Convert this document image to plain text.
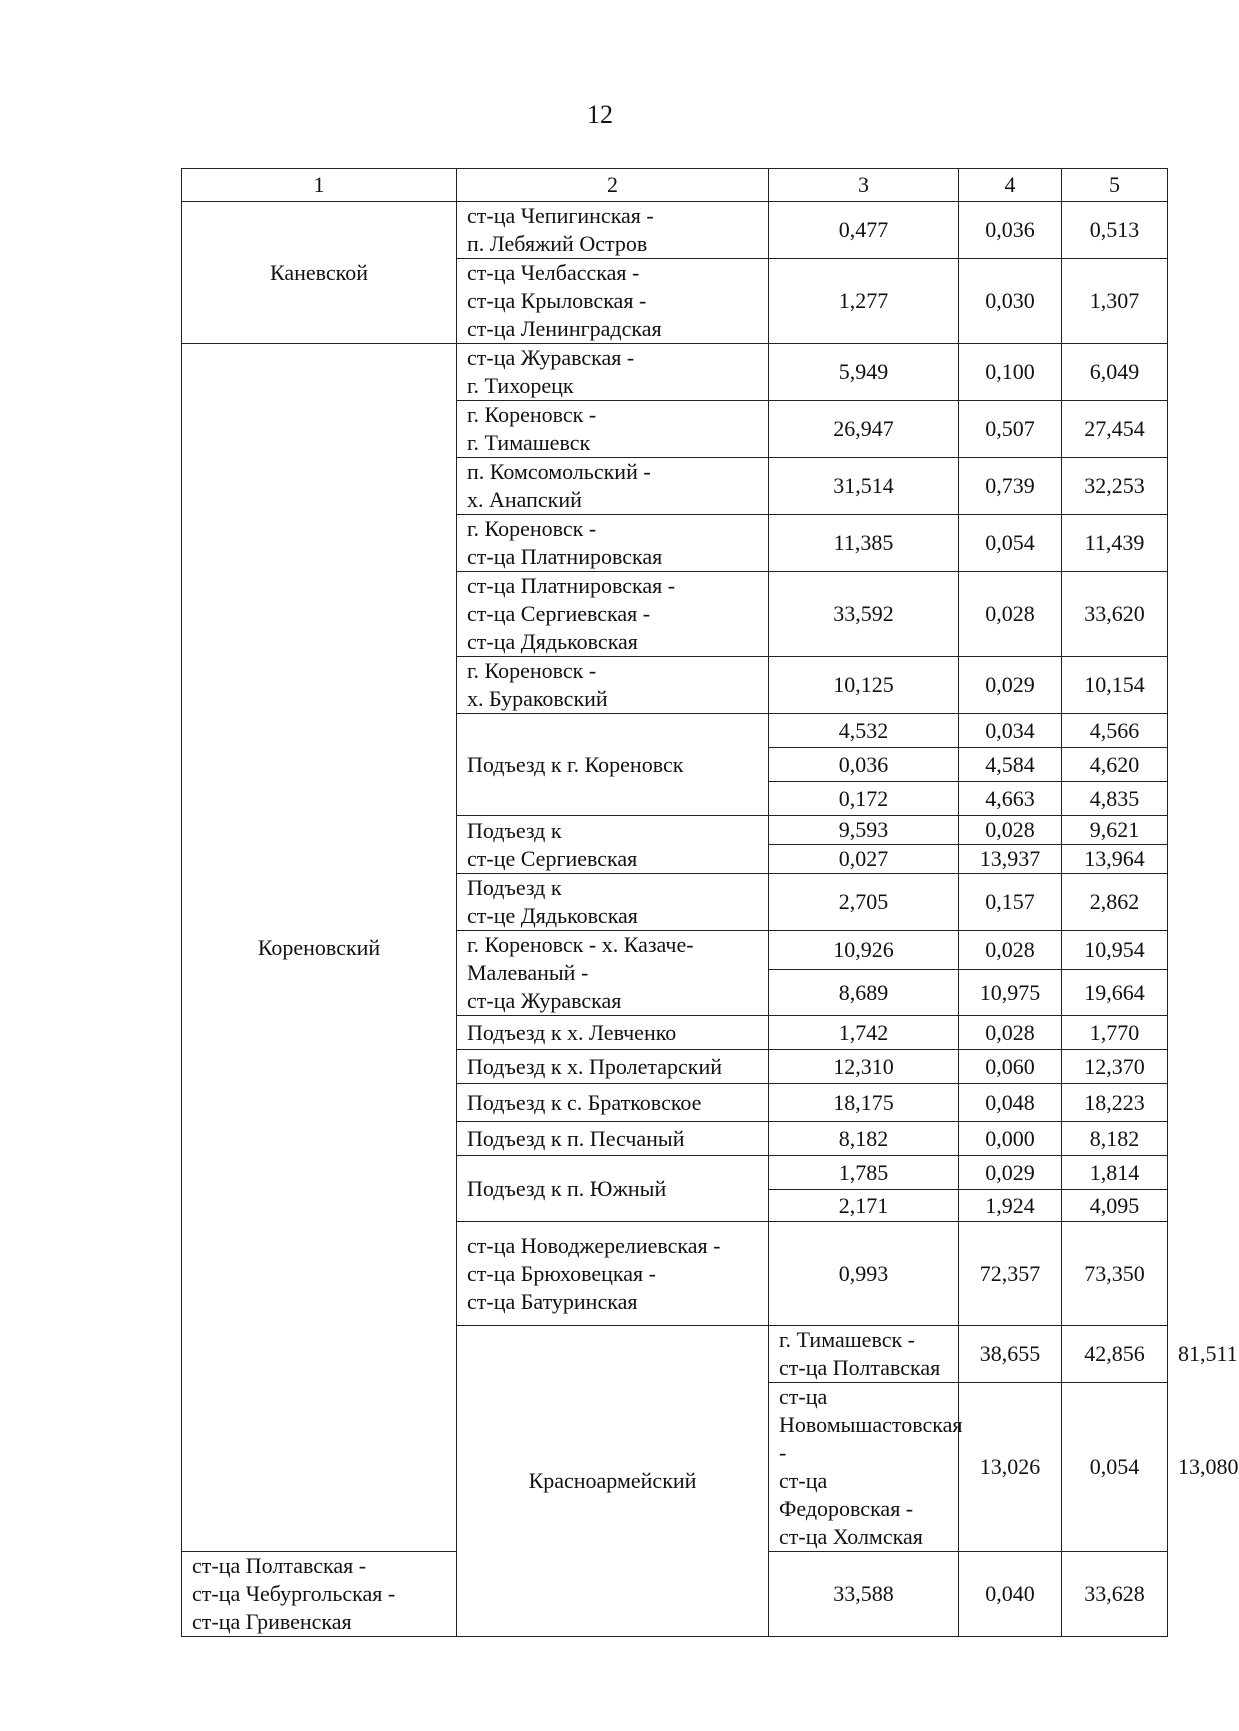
12
1	2	3	4	5	
Каневской	ст-ца Чепигинская -
п. Лебяжий Остров	0,477	0,036	0,513	
	ст-ца Челбасская -
ст-ца Крыловская -
ст-ца Ленинградская	1,277	0,030	1,307	
Кореновский	ст-ца Журавская -
г. Тихорецк	5,949	0,100	6,049	
	г. Кореновск -
г. Тимашевск	26,947	0,507	27,454	
	п. Комсомольский -
х. Анапский	31,514	0,739	32,253	
	г. Кореновск -
ст-ца Платнировская	11,385	0,054	11,439	
	ст-ца Платнировская -
ст-ца Сергиевская -
ст-ца Дядьковская	33,592	0,028	33,620	
	г. Кореновск -
х. Бураковский	10,125	0,029	10,154	
	Подъезд к г. Кореновск	4,532	0,034	4,566	
		0,036	4,584	4,620	
		0,172	4,663	4,835	
	Подъезд к
ст-це Сергиевская	9,593	0,028	9,621	
		0,027	13,937	13,964	
	Подъезд к
ст-це Дядьковская	2,705	0,157	2,862	
	г. Кореновск - х. Казаче-
Малеваный -
ст-ца Журавская	10,926	0,028	10,954	
		8,689	10,975	19,664	
	Подъезд к х. Левченко	1,742	0,028	1,770	
	Подъезд к х. Пролетарский	12,310	0,060	12,370	
	Подъезд к с. Братковское	18,175	0,048	18,223	
	Подъезд к п. Песчаный	8,182	0,000	8,182	
	Подъезд к п. Южный	1,785	0,029	1,814	
		2,171	1,924	4,095	
	ст-ца Новоджерелиевская -
ст-ца Брюховецкая -
ст-ца Батуринская	0,993	72,357	73,350	
	Красноармейский	г. Тимашевск -
ст-ца Полтавская	38,655	42,856	81,511
		ст-ца Новомышастовская -
ст-ца Федоровская -
ст-ца Холмская	13,026	0,054	13,080
ст-ца Полтавская -
ст-ца Чебургольская -
ст-ца Гривенская		33,588	0,040	33,628	
